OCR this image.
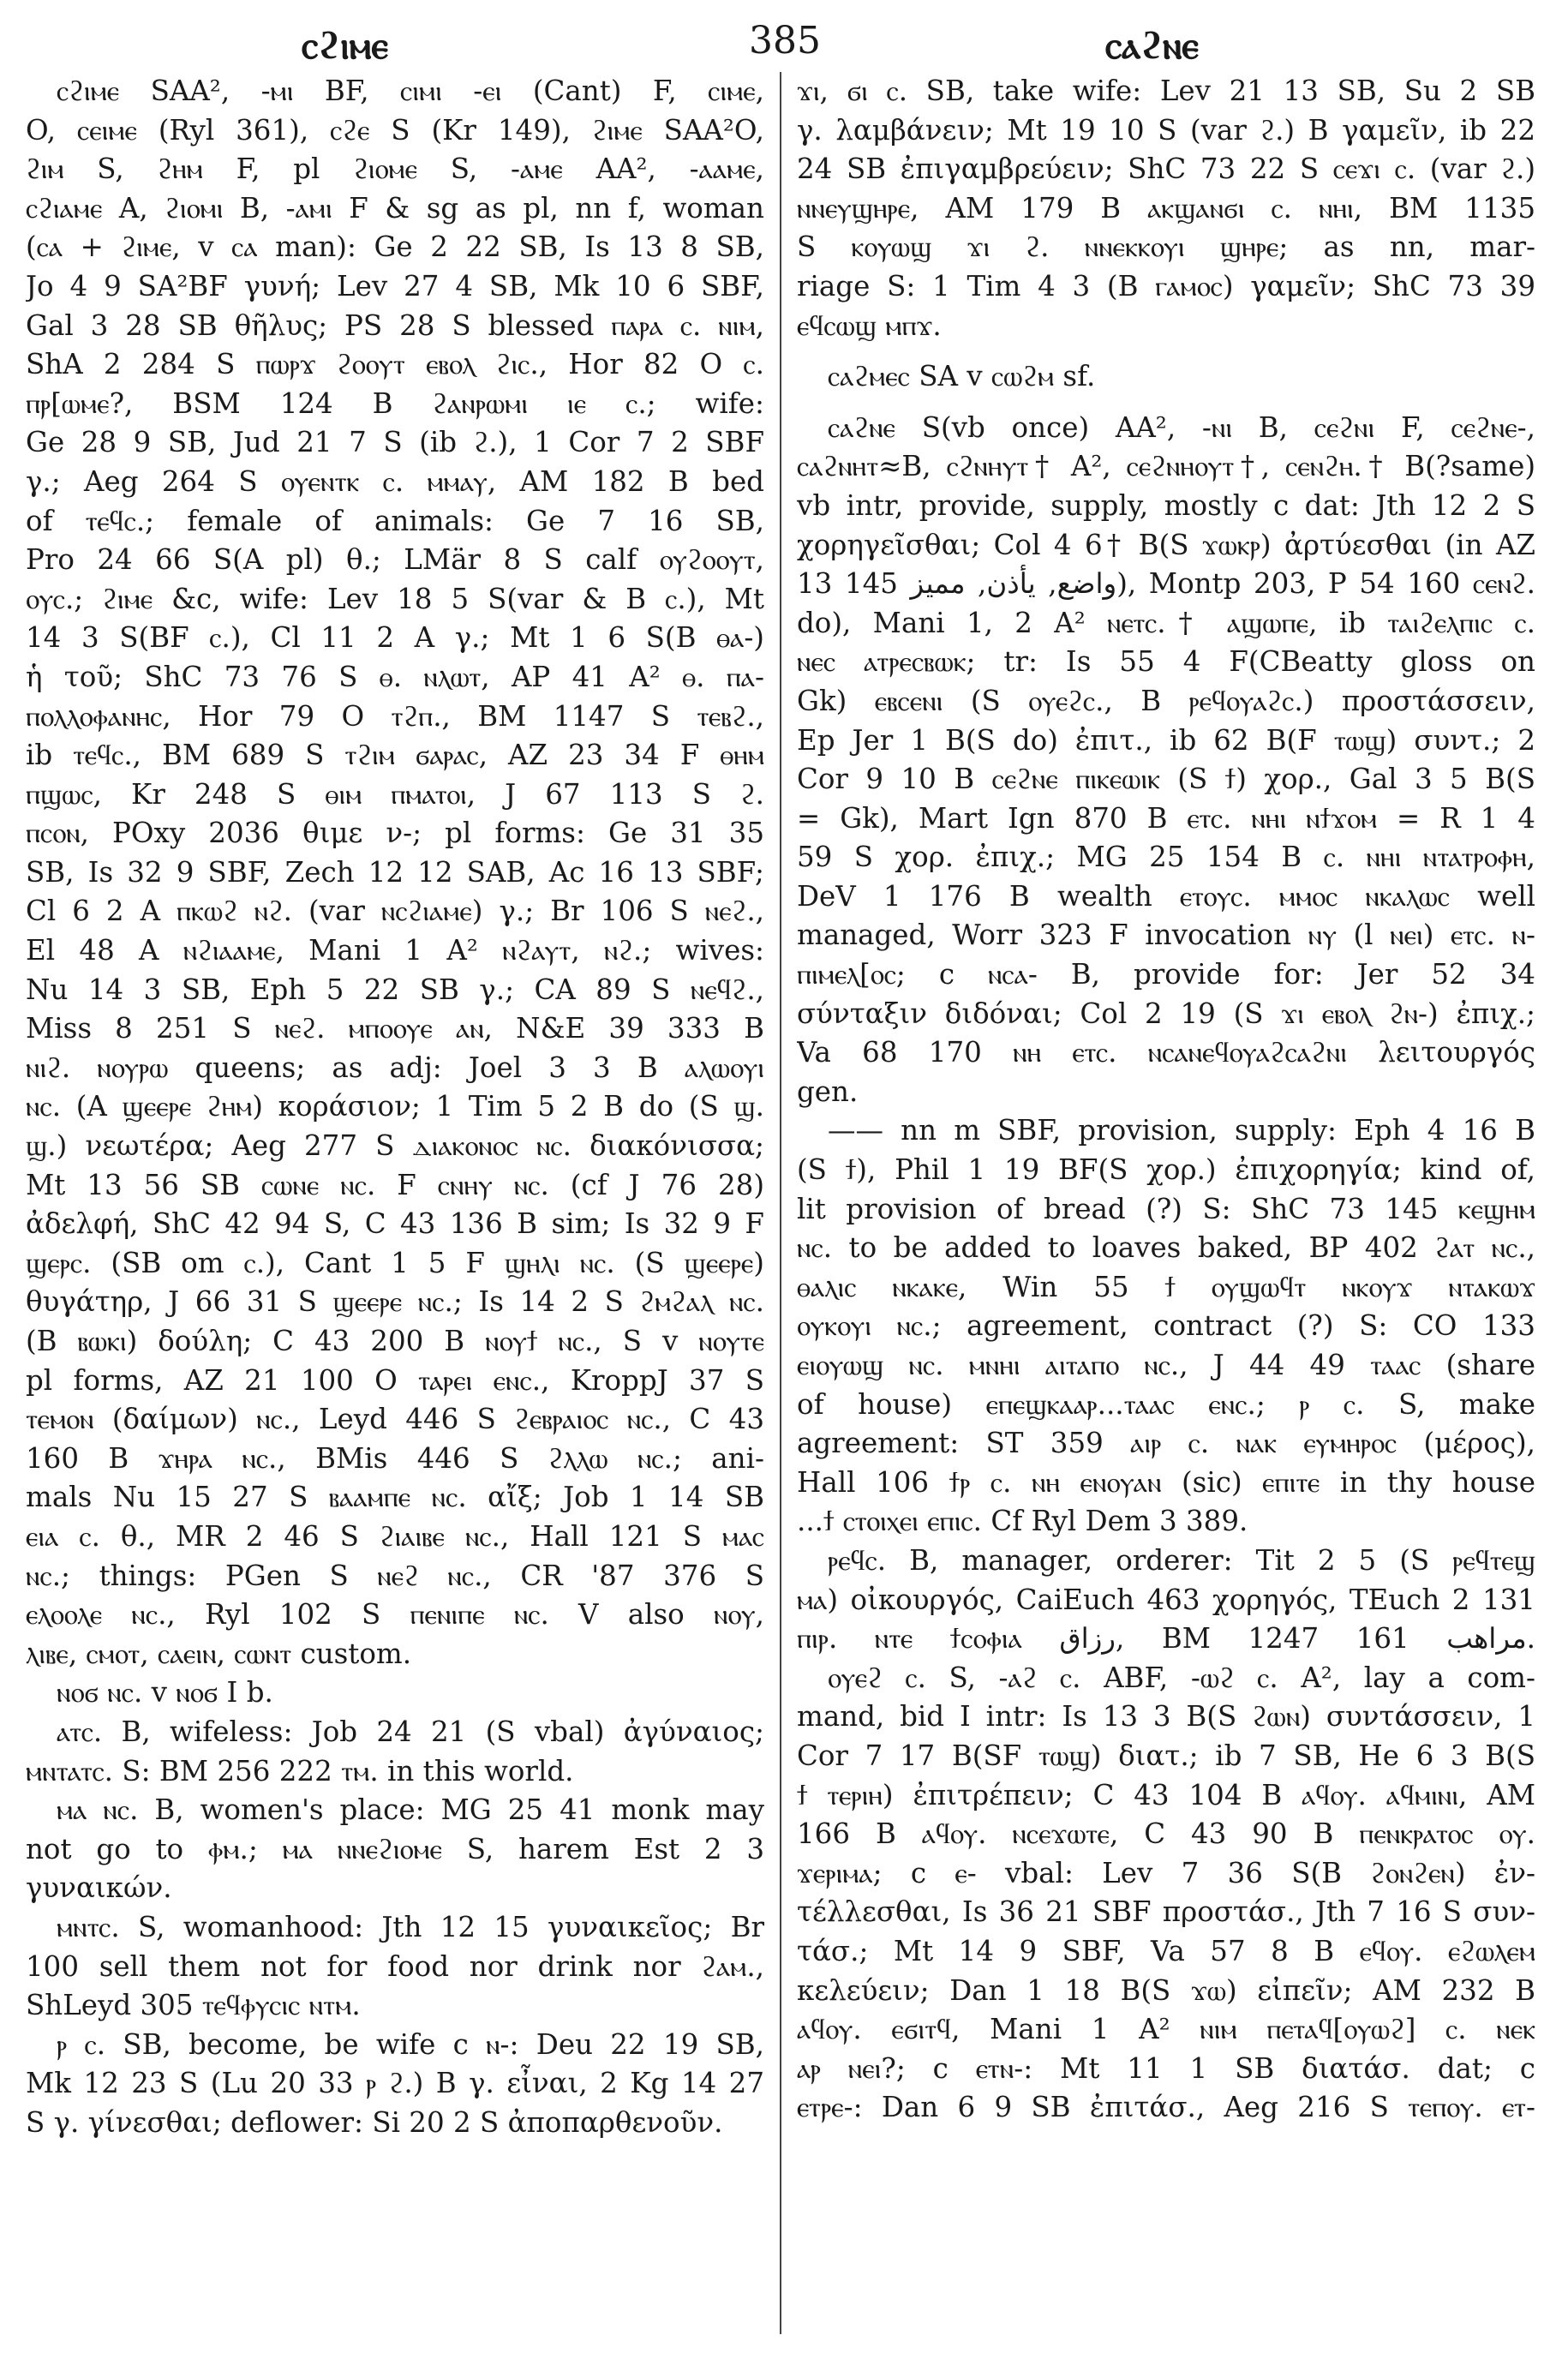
ⲥϩⲓⲙⲉ	385	ⲥⲁϩⲛⲉ
ⲥϩⲓⲙⲉ SAA², -ⲙⲓ BF, ⲥⲓⲙⲓ -ⲉⲓ (Cant) F, ⲥⲓⲙⲉ,
O, ⲥⲉⲓⲙⲉ (Ryl 361), ⲥϩⲉ S (Kr 149), ϩⲓⲙⲉ SAA²O,
ϩⲓⲙ S, ϩⲏⲙ F, pl ϩⲓⲟⲙⲉ S, -ⲁⲙⲉ AA², -ⲁⲁⲙⲉ,
ⲥϩⲓⲁⲙⲉ A, ϩⲓⲟⲙⲓ B, -ⲁⲙⲓ F & sg as pl, nn f, woman
(ⲥⲁ + ϩⲓⲙⲉ, v ⲥⲁ man): Ge 2 22 SB, Is 13 8 SB,
Jo 4 9 SA²BF γυνή; Lev 27 4 SB, Mk 10 6 SBF,
Gal 3 28 SB θῆλυς; PS 28 S blessed ⲡⲁⲣⲁ ⲥ. ⲛⲓⲙ,
ShA 2 284 S ⲡⲱⲣϫ ϩⲟⲟⲩⲧ ⲉⲃⲟⲗ ϩⲓⲥ., Hor 82 O ⲥ.
ⲡⲣ[ⲱⲙⲉ?, BSM 124 B ϩⲁⲛⲣⲱⲙⲓ ⲓⲉ ⲥ.; wife:
Ge 28 9 SB, Jud 21 7 S (ib ϩ.), 1 Cor 7 2 SBF
γ.; Aeg 264 S ⲟⲩⲉⲛⲧⲕ ⲥ. ⲙⲙⲁⲩ, AM 182 B bed
of ⲧⲉϥⲥ.; female of animals: Ge 7 16 SB,
Pro 24 66 S(A pl) θ.; LMär 8 S calf ⲟⲩϩⲟⲟⲩⲧ,
ⲟⲩⲥ.; ϩⲓⲙⲉ &c, wife: Lev 18 5 S(var & B ⲥ.), Mt
14 3 S(BF ⲥ.), Cl 11 2 A γ.; Mt 1 6 S(B ⲑⲁ-)
ἡ τοῦ; ShC 73 76 S ⲑ. ⲛⲗⲱⲧ, AP 41 A² ⲑ. ⲡⲁ-
ⲡⲟⲗⲗⲟⲫⲁⲛⲏⲥ, Hor 79 O ⲧϩⲡ., BM 1147 S ⲧⲉⲃϩ.,
ib ⲧⲉϥⲥ., BM 689 S ⲧϩⲓⲙ ϭⲁⲣⲁⲥ, AZ 23 34 F ⲑⲏⲙ
ⲡϣⲱⲥ, Kr 248 S ⲑⲓⲙ ⲡⲙⲁⲧⲟⲓ, J 67 113 S ϩ.
ⲡⲥⲟⲛ, POxy 2036 θιμε ν-; pl forms: Ge 31 35
SB, Is 32 9 SBF, Zech 12 12 SAB, Ac 16 13 SBF;
Cl 6 2 A ⲡⲕⲱϩ ⲛϩ. (var ⲛⲥϩⲓⲁⲙⲉ) γ.; Br 106 S ⲛⲉϩ.,
El 48 A ⲛϩⲓⲁⲁⲙⲉ, Mani 1 A² ⲛϩⲁⲩⲧ, ⲛϩ.; wives:
Nu 14 3 SB, Eph 5 22 SB γ.; CA 89 S ⲛⲉϥϩ.,
Miss 8 251 S ⲛⲉϩ. ⲙⲡⲟⲟⲩⲉ ⲁⲛ, N&E 39 333 B
ⲛⲓϩ. ⲛⲟⲩⲣⲱ queens; as adj: Joel 3 3 B ⲁⲗⲱⲟⲩⲓ
ⲛⲥ. (A ϣⲉⲉⲣⲉ ϩⲏⲙ) κοράσιον; 1 Tim 5 2 B do (S ϣ.
ϣ.) νεωτέρα; Aeg 277 S ⲇⲓⲁⲕⲟⲛⲟⲥ ⲛⲥ. διακόνισσα;
Mt 13 56 SB ⲥⲱⲛⲉ ⲛⲥ. F ⲥⲛⲏⲩ ⲛⲥ. (cf J 76 28)
ἀδελφή, ShC 42 94 S, C 43 136 B sim; Is 32 9 F
ϣⲉⲣⲥ. (SB om ⲥ.), Cant 1 5 F ϣⲏⲗⲓ ⲛⲥ. (S ϣⲉⲉⲣⲉ)
θυγάτηρ, J 66 31 S ϣⲉⲉⲣⲉ ⲛⲥ.; Is 14 2 S ϩⲙϩⲁⲗ ⲛⲥ.
(B ⲃⲱⲕⲓ) δούλη; C 43 200 B ⲛⲟⲩϯ ⲛⲥ., S v ⲛⲟⲩⲧⲉ
pl forms, AZ 21 100 O ⲧⲁⲣⲉⲓ ⲉⲛⲥ., KroppJ 37 S
ⲧⲉⲙⲟⲛ (δαίμων) ⲛⲥ., Leyd 446 S ϩⲉⲃⲣⲁⲓⲟⲥ ⲛⲥ., C 43
160 B ϫⲏⲣⲁ ⲛⲥ., BMis 446 S ϩⲗⲗⲱ ⲛⲥ.; ani-
mals Nu 15 27 S ⲃⲁⲁⲙⲡⲉ ⲛⲥ. αἴξ; Job 1 14 SB
ⲉⲓⲁ ⲥ. θ., MR 2 46 S ϩⲓⲁⲓⲃⲉ ⲛⲥ., Hall 121 S ⲙⲁⲥ
ⲛⲥ.; things: PGen S ⲛⲉϩ ⲛⲥ., CR '87 376 S
ⲉⲗⲟⲟⲗⲉ ⲛⲥ., Ryl 102 S ⲡⲉⲛⲓⲡⲉ ⲛⲥ. V also ⲛⲟⲩ,
ⲗⲓⲃⲉ, ⲥⲙⲟⲧ, ⲥⲁⲉⲓⲛ, ⲥⲱⲛⲧ custom.
ⲛⲟϭ ⲛⲥ. v ⲛⲟϭ I b.
ⲁⲧⲥ. B, wifeless: Job 24 21 (S vbal) ἀγύναιος;
ⲙⲛⲧⲁⲧⲥ. S: BM 256 222 ⲧⲙ. in this world.
ⲙⲁ ⲛⲥ. B, women's place: MG 25 41 monk may
not go to ⲫⲙ.; ⲙⲁ ⲛⲛⲉϩⲓⲟⲙⲉ S, harem Est 2 3
γυναικών.
ⲙⲛⲧⲥ. S, womanhood: Jth 12 15 γυναικεῖος; Br
100 sell them not for food nor drink nor ϩⲁⲙ.,
ShLeyd 305 ⲧⲉϥⲫⲩⲥⲓⲥ ⲛⲧⲙ.
ⲣ ⲥ. SB, become, be wife c ⲛ-: Deu 22 19 SB,
Mk 12 23 S (Lu 20 33 ⲣ ϩ.) B γ. εἶναι, 2 Kg 14 27
S γ. γίνεσθαι; deflower: Si 20 2 S ἀποπαρθενοῦν.
ϫⲓ, ϭⲓ ⲥ. SB, take wife: Lev 21 13 SB, Su 2 SB
γ. λαμβάνειν; Mt 19 10 S (var ϩ.) B γαμεῖν, ib 22
24 SB ἐπιγαμβρεύειν; ShC 73 22 S ⲥⲉϫⲓ ⲥ. (var ϩ.)
ⲛⲛⲉⲩϣⲏⲣⲉ, AM 179 B ⲁⲕϣⲁⲛϭⲓ ⲥ. ⲛⲏⲓ, BM 1135
S ⲕⲟⲩⲱϣ ϫⲓ ϩ. ⲛⲛⲉⲕⲕⲟⲩⲓ ϣⲏⲣⲉ; as nn, mar-
riage S: 1 Tim 4 3 (B ⲅⲁⲙⲟⲥ) γαμεῖν; ShC 73 39
ⲉϥⲥⲱϣ ⲙⲡϫ.
ⲥⲁϩⲙⲉⲥ SA v ⲥⲱϩⲙ sf.
ⲥⲁϩⲛⲉ S(vb once) AA², -ⲛⲓ B, ⲥⲉϩⲛⲓ F, ⲥⲉϩⲛⲉ-,
ⲥⲁϩⲛⲏⲧ≈B, ⲥϩⲛⲏⲩⲧ† A², ⲥⲉϩⲛⲏⲟⲩⲧ†, ⲥⲉⲛϩⲏ.† B(?same)
vb intr, provide, supply, mostly c dat: Jth 12 2 S
χορηγεῖσθαι; Col 4 6† B(S ϫⲱⲕⲣ) ἀρτύεσθαι (in AZ
13 145 واضع, يأذن, مميز), Montp 203, P 54 160 ⲥⲉⲛϩ.
do), Mani 1, 2 A² ⲛⲉⲧⲥ.† ⲁϣⲱⲡⲉ, ib ⲧⲁⲓϩⲉⲗⲡⲓⲥ ⲥ.
ⲛⲉⲥ ⲁⲧⲣⲉⲥⲃⲱⲕ; tr: Is 55 4 F(CBeatty gloss on
Gk) ⲉⲃⲥⲉⲛⲓ (S ⲟⲩⲉϩⲥ., B ⲣⲉϥⲟⲩⲁϩⲥ.) προστάσσειν,
Ep Jer 1 B(S do) ἐπιτ., ib 62 B(F ⲧⲱϣ) συντ.; 2
Cor 9 10 B ⲥⲉϩⲛⲉ ⲡⲓⲕⲉⲱⲓⲕ (S ϯ) χορ., Gal 3 5 B(S
= Gk), Mart Ign 870 B ⲉⲧⲥ. ⲛⲏⲓ ⲛϯϫⲟⲙ = R 1 4
59 S χορ. ἐπιχ.; MG 25 154 B ⲥ. ⲛⲏⲓ ⲛⲧⲁⲧⲣⲟⲫⲏ,
DeV 1 176 B wealth ⲉⲧⲟⲩⲥ. ⲙⲙⲟⲥ ⲛⲕⲁⲗⲱⲥ well
managed, Worr 323 F invocation ⲛⲩ (l ⲛⲉⲓ) ⲉⲧⲥ. ⲛ-
ⲡⲓⲙⲉⲗ[ⲟⲥ; c ⲛⲥⲁ- B, provide for: Jer 52 34
σύνταξιν διδόναι; Col 2 19 (S ϫⲓ ⲉⲃⲟⲗ ϩⲛ-) ἐπιχ.;
Va 68 170 ⲛⲏ ⲉⲧⲥ. ⲛⲥⲁⲛⲉϥⲟⲩⲁϩⲥⲁϩⲛⲓ λειτουργός
gen.
—— nn m SBF, provision, supply: Eph 4 16 B
(S ϯ), Phil 1 19 BF(S χορ.) ἐπιχορηγία; kind of,
lit provision of bread (?) S: ShC 73 145 ⲕⲉϣⲏⲙ
ⲛⲥ. to be added to loaves baked, BP 402 ϩⲁⲧ ⲛⲥ.,
ⲑⲁⲗⲓⲥ ⲛⲕⲁⲕⲉ, Win 55 ϯ ⲟⲩϣⲱϥⲧ ⲛⲕⲟⲩϫ ⲛⲧⲁⲕⲱϫ
ⲟⲩⲕⲟⲩⲓ ⲛⲥ.; agreement, contract (?) S: CO 133
ⲉⲓⲟⲩⲱϣ ⲛⲥ. ⲙⲛⲏⲓ ⲁⲓⲧⲁⲡⲟ ⲛⲥ., J 44 49 ⲧⲁⲁⲥ (share
of house) ⲉⲡⲉϣⲕⲁⲁⲣ...ⲧⲁⲁⲥ ⲉⲛⲥ.; ⲣ ⲥ. S, make
agreement: ST 359 ⲁⲓⲣ ⲥ. ⲛⲁⲕ ⲉⲩⲙⲏⲣⲟⲥ (μέρος),
Hall 106 ϯⲣ ⲥ. ⲛⲏ ⲉⲛⲟⲩⲁⲛ (sic) ⲉⲡⲓⲧⲉ in thy house
...ϯ ⲥⲧⲟⲓⲭⲉⲓ ⲉⲡⲓⲥ. Cf Ryl Dem 3 389.
ⲣⲉϥⲥ. B, manager, orderer: Tit 2 5 (S ⲣⲉϥⲧⲉϣ
ⲙⲁ) οἰκουργός, CaiEuch 463 χορηγός, TEuch 2 131
ⲡⲓⲣ. ⲛⲧⲉ ϯⲥⲟⲫⲓⲁ رزاق, BM 1247 161 مراهب.
ⲟⲩⲉϩ ⲥ. S, -ⲁϩ ⲥ. ABF, -ⲱϩ ⲥ. A², lay a com-
mand, bid I intr: Is 13 3 B(S ϩⲱⲛ) συντάσσειν, 1
Cor 7 17 B(SF ⲧⲱϣ) διατ.; ib 7 SB, He 6 3 B(S
ϯ ⲧⲉⲣⲓⲏ) ἐπιτρέπειν; C 43 104 B ⲁϥⲟⲩ. ⲁϥⲙⲓⲛⲓ, AM
166 B ⲁϥⲟⲩ. ⲛⲥⲉϫⲱⲧⲉ, C 43 90 B ⲡⲉⲛⲕⲣⲁⲧⲟⲥ ⲟⲩ.
ϫⲉⲣⲓⲙⲁ; c ⲉ- vbal: Lev 7 36 S(B ϩⲟⲛϩⲉⲛ) ἐν-
τέλλεσθαι, Is 36 21 SBF προστάσ., Jth 7 16 S συν-
τάσ.; Mt 14 9 SBF, Va 57 8 B ⲉϥⲟⲩ. ⲉϩⲱⲗⲉⲙ
κελεύειν; Dan 1 18 B(S ϫⲱ) εἰπεῖν; AM 232 B
ⲁϥⲟⲩ. ⲉϭⲓⲧϥ, Mani 1 A² ⲛⲓⲙ ⲡⲉⲧⲁϥ[ⲟⲩⲱϩ] ⲥ. ⲛⲉⲕ
ⲁⲣ ⲛⲉⲓ?; c ⲉⲧⲛ-: Mt 11 1 SB διατάσ. dat; c
ⲉⲧⲣⲉ-: Dan 6 9 SB ἐπιτάσ., Aeg 216 S ⲧⲉⲡⲟⲩ. ⲉⲧ-
